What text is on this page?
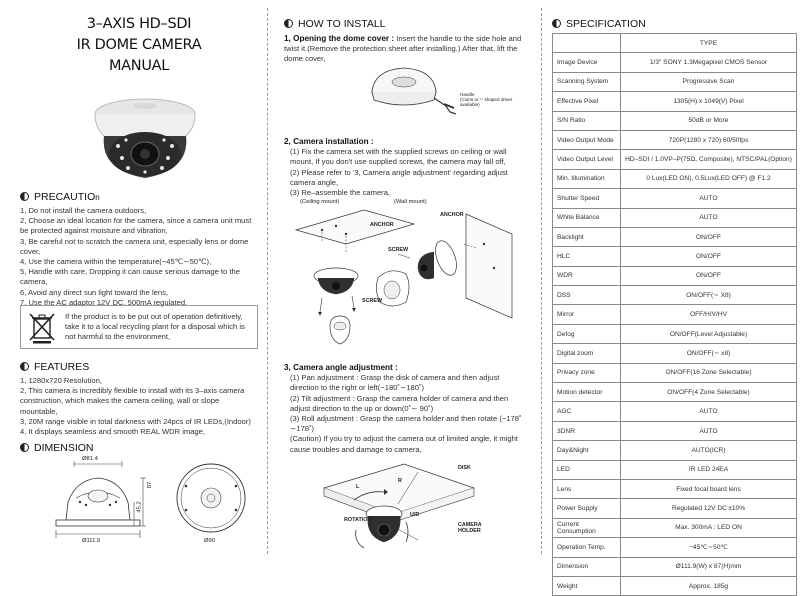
3–AXIS HD–SDI
IR DOME CAMERA
MANUAL
PRECAUTIOn

1, Do not install the camera outdoors,

2, Choose an ideal location for the camera, since a camera unit must be protected against moisture and vibration,

3, Be careful not to scratch the camera unit, especially lens or dome cover,

4, Use the camera within the temperature(−45℃∼50℃),

5, Handle with care, Dropping it can cause serious damage to the camera,

6, Avoid any direct sun light toward the lens,

7, Use the AC adaptor 12V DC, 500mA regulated,

If the product is to be put out of operation definitively, take it to a local recycling plant for a disposal which is not harmful to the environment,
FEATURES

1, 1280x720 Resolution,

2, This camera is incredibly flexible to install with its 3–axis camera construction, which makes the camera ceiling, wall or slope mountable,

3, 20M range visible in total darkness with 24pcs of IR LEDs,(Indoor)

4, It displays seamless and smooth REAL WDR image,

DIMENSION
Ø81.4
87
45.2
Ø111.9	Ø90
HOW TO INSTALL
1, Opening the dome cover : Insert the handle to the side hole and twist it.(Remove the protection sheet after installing.) After that, lift the dome cover,
Handle
(Coins or '-' shaped driver
available)
2, Camera installation :

(1) Fix the camera set with the supplied screws on ceiling or wall mount, If you don't use supplied screws, the camera may fall off,

(2) Please refer to '3, Camera angle adjustment' regarding adjust camera angle,

(3) Re–assemble the camera,

(Ceiling mount)	(Wall mount)
ANCHOR
ANCHOR
SCREW
SCREW
3, Camera angle adjustment :

(1) Pan adjustment : Grasp the disk of camera and then adjust direction to the right or left(−180˚∼180˚)

(2) Tilt adjustment : Grasp the camera holder of camera and then adjust direction to the up or down(0˚∼ 90˚)

(3) Roll adjustment : Grasp the camera holder and then rotate (−178˚ ∼178˚)

(Caution) If you try to adjust the camera out of limited angle, it might cause troubles and damage to camera,

DISK
R
L
ROTATION
U/D
CAMERA
HOLDER
SPECIFICATION
	TYPE
Image Device	1/3" SONY 1.3Megapixel CMOS Sensor
Scanning System	Progressive Scan
Effective Pixel	1305(H) x 1049(V) Pixel
S/N Ratio	50dB or More
Video Output Mode	720P(1280 x 720) 60/50fps
Video Output Level	HD–SDI / 1.0VP–P(75Ω, Composite), NTSC/PAL(Option)
Min. Illumination	0 Lux(LED ON), 0.5Lux(LED OFF) @ F1.2
Shutter Speed	AUTO
White Balance	AUTO
Backlight	ON/OFF
HLC	ON/OFF
WDR	ON/OFF
DSS	ON/OFF(∼ X8)
Mirror	OFF/H/V/HV
Defog	ON/OFF(Level Adjustable)
Digital zoom	ON/OFF(∼ x8)
Privacy zone	ON/OFF(16 Zone Selectable)
Motion detector	ON/OFF(4 Zone Selectable)
AGC	AUTO
3DNR	AUTO
Day&Night	AUTO(ICR)
LED	IR LED 24EA
Lens	Fixed focal board lens
Power Supply	Regulated 12V DC ±10%
Current Consumption	Max. 300mA : LED ON
Operation Temp.	−45℃∼50℃
Dimension	Ø111.9(W) x 87(H)mm
Weight	Approx. 185g
